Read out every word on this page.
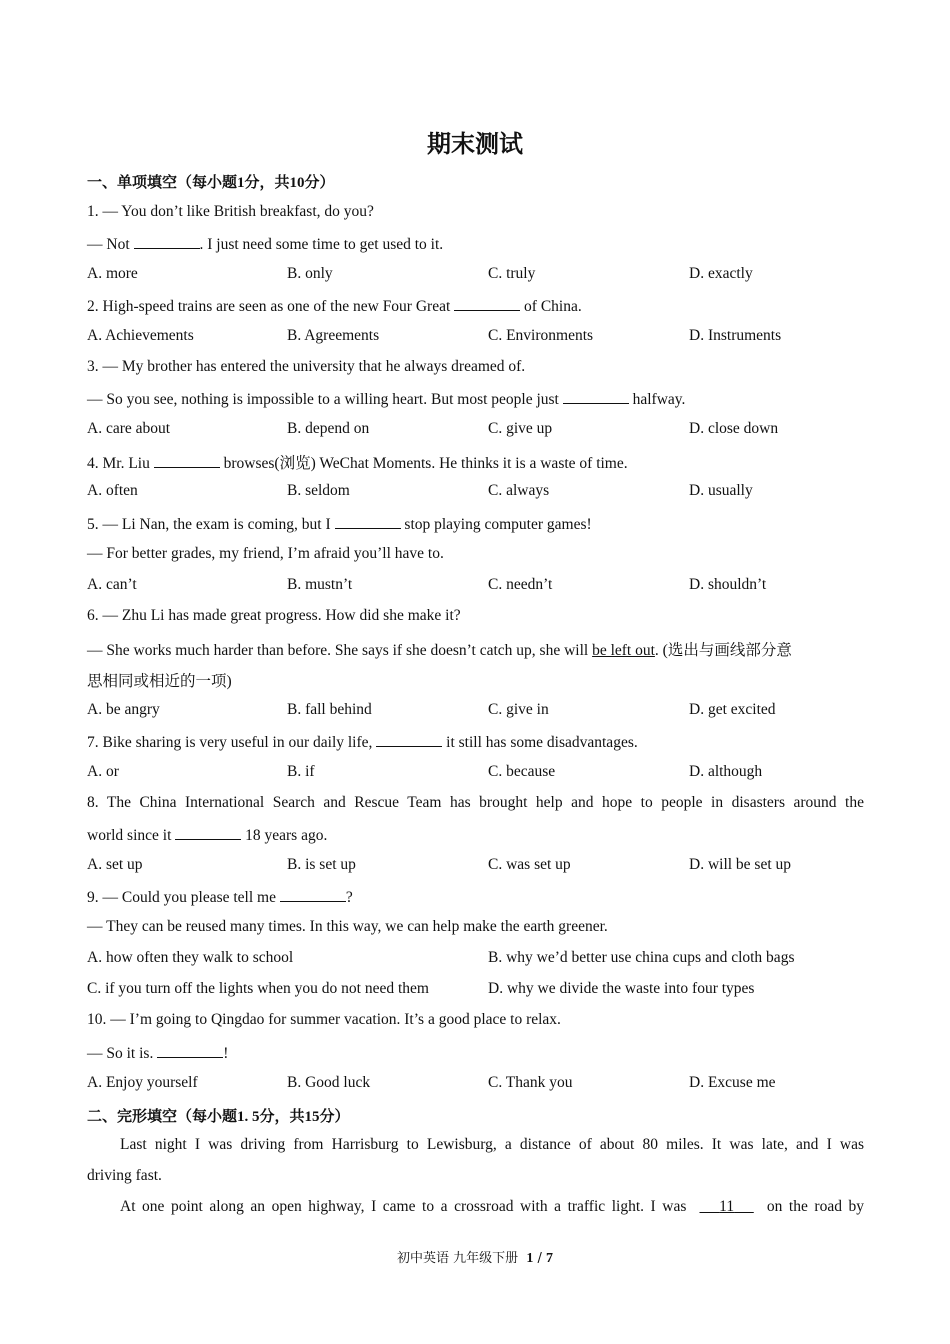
期末测试
一、单项填空（每小题1分，共10分）
1. — You don’t like British breakfast, do you?
— Not	. I just need some time to get used to it.
A. more	B. only	C. truly	D. exactly
2. High-speed trains are seen as one of the new Four Great	of China.
A. Achievements	B. Agreements	C. Environments	D. Instruments
3. — My brother has entered the university that he always dreamed of.
— So you see, nothing is impossible to a willing heart. But most people just	halfway.
A. care about	B. depend on	C. give up	D. close down
4. Mr. Liu	browses(浏览) WeChat Moments. He thinks it is a waste of time.
A. often	B. seldom	C. always	D. usually
5. — Li Nan, the exam is coming, but I	stop playing computer games!
— For better grades, my friend, I’m afraid you’ll have to.
A. can’t	B. mustn’t	C. needn’t	D. shouldn’t
6. — Zhu Li has made great progress. How did she make it?
— She works much harder than before. She says if she doesn’t catch up, she will be left out. (选出与画线部分意
思相同或相近的一项)
A. be angry	B. fall behind	C. give in	D. get excited
7. Bike sharing is very useful in our daily life,	it still has some disadvantages.
A. or	B. if	C. because	D. although
8. The China International Search and Rescue Team has brought help and hope to people in disasters around the
world since it	18 years ago.
A. set up	B. is set up	C. was set up	D. will be set up
9. — Could you please tell me	?
— They can be reused many times. In this way, we can help make the earth greener.
A. how often they walk to school	B. why we’d better use china cups and cloth bags
C. if you turn off the lights when you do not need them	D. why we divide the waste into four types
10. — I’m going to Qingdao for summer vacation. It’s a good place to relax.
— So it is.	!
A. Enjoy yourself	B. Good luck	C. Thank you	D. Excuse me
二、完形填空（每小题1. 5分，共15分）
Last night I was driving from Harrisburg to Lewisburg, a distance of about 80 miles. It was late, and I was
driving fast.
At one point along an open highway, I came to a crossroad with a traffic light. I was 11 on the road by
初中英语 九年级下册 1 / 7
